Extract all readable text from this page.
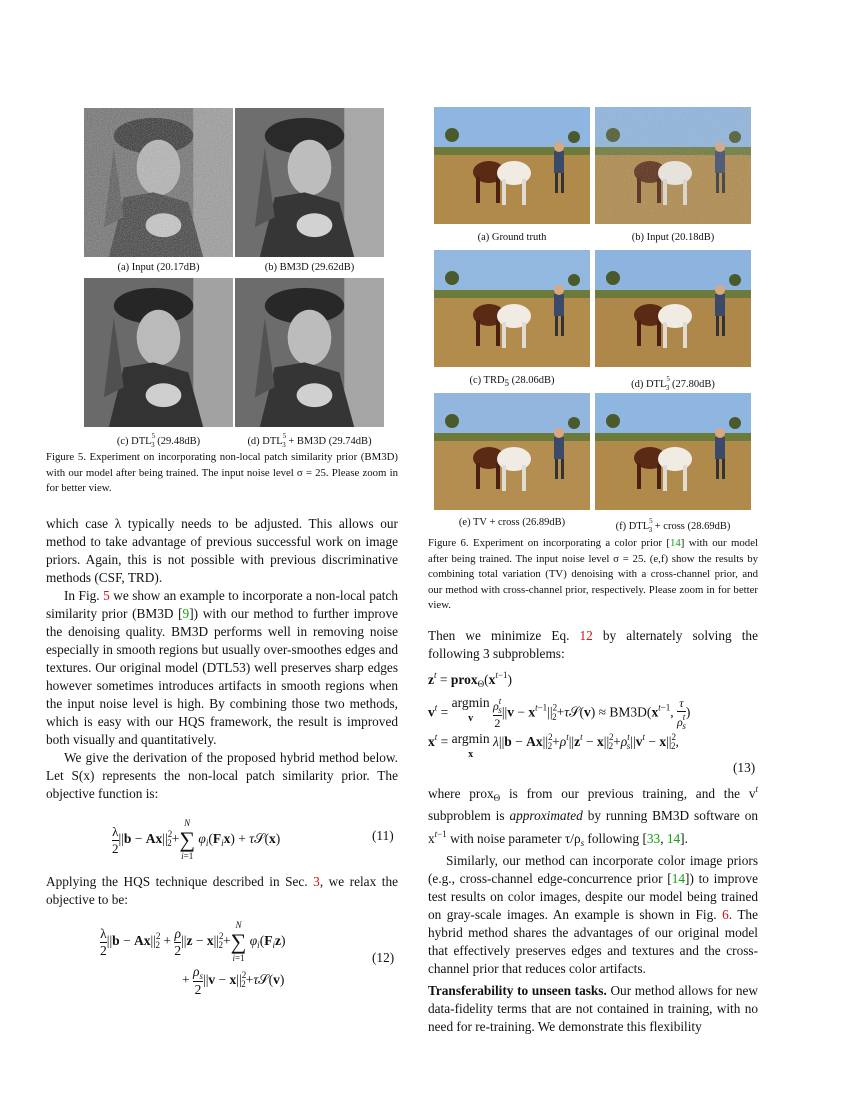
(a) Input (20.17dB)	(b) BM3D (29.62dB)
(c) $DTL^5_3$ (29.48dB)	(d) $DTL^5_3 + BM3D$ (29.74dB)
Figure 5. Experiment on incorporating non-local patch similarity prior (BM3D) with our model after being trained. The input noise level σ = 25. Please zoom in for better view.

which case λ typically needs to be adjusted. This allows our method to take advantage of previous successful work on image priors. Again, this is not possible with previous discriminative methods (CSF, TRD).

In Fig. 5 we show an example to incorporate a non-local patch similarity prior (BM3D [9]) with our method to further improve the denoising quality. BM3D performs well in removing noise especially in smooth regions but usually over-smoothes edges and textures. Our original model (DTL53) well preserves sharp edges however sometimes introduces artifacts in smooth regions when the input noise level is high. By combining those two methods, which is easy with our HQS framework, the result is improved both visually and quantitatively.

We give the derivation of the proposed hybrid method below. Let S(x) represents the non-local patch similarity prior. The objective function is:

$\frac{\lambda}{2} ||b - Ax||^2_2+$
N
∑
i=1
$\varphi_i(F_ix)$ + τ𝒮(x)	(11)

Applying the HQS technique described in Sec. 3, we relax the objective to be:

$\frac{\lambda}{2} ||b - Ax||^2_2 + \frac{\rho}{2} ||z - x||^2_2+$
N
∑
i=1
$\varphi_i(F_iz)$
(12)
+ $\frac{\rho_s}{2} ||v$ − $x||^2_2+\tau 𝒮(v)$
(a) Ground truth	(b) Input (20.18dB)
(c) TRD5 (28.06dB)	(d) $DTL^5_3$ (27.80dB)
(e) TV + cross (26.89dB)	(f) $DTL^5_3$ + cross (28.69dB)
Figure 6. Experiment on incorporating a color prior [14] with our model after being trained. The input noise level σ = 25. (e,f) show the results by combining total variation (TV) denoising with a cross-channel prior, and our method with cross-channel prior, respectively. Please zoom in for better view.

Then we minimize Eq. 12 by alternately solving the following 3 subproblems:

$z^t$ = $prox_\Theta(x^{t-1})$
$v^t = argmin$
v
$\rho^t_s$
2
$||v - x^{t-1}||^2_2+\tau 𝒮(v) \approx BM3D(x^{t-1}$,
τ
$\rho^t_s$
)
$x^t = argmin$
x $\lambda||b - Ax||^2_2+\rho^t||z^t - x||^2_2+\rho^t_s||v^t - x||^2_2$,
(13)

where prox$_\Theta$ is from our previous training, and the $v^t$ subproblem is approximated by running BM3D software on $x^{t-1}$ with noise parameter $\tau/\rho_s$ following [33, 14].

Similarly, our method can incorporate color image priors (e.g., cross-channel edge-concurrence prior [14]) to improve test results on color images, despite our model being trained on gray-scale images. An example is shown in Fig. 6. The hybrid method shares the advantages of our original model that effectively preserves edges and textures and the cross-channel prior that reduces color artifacts.

Transferability to unseen tasks. Our method allows for new data-fidelity terms that are not contained in training, with no need for re-training. We demonstrate this flexibility
